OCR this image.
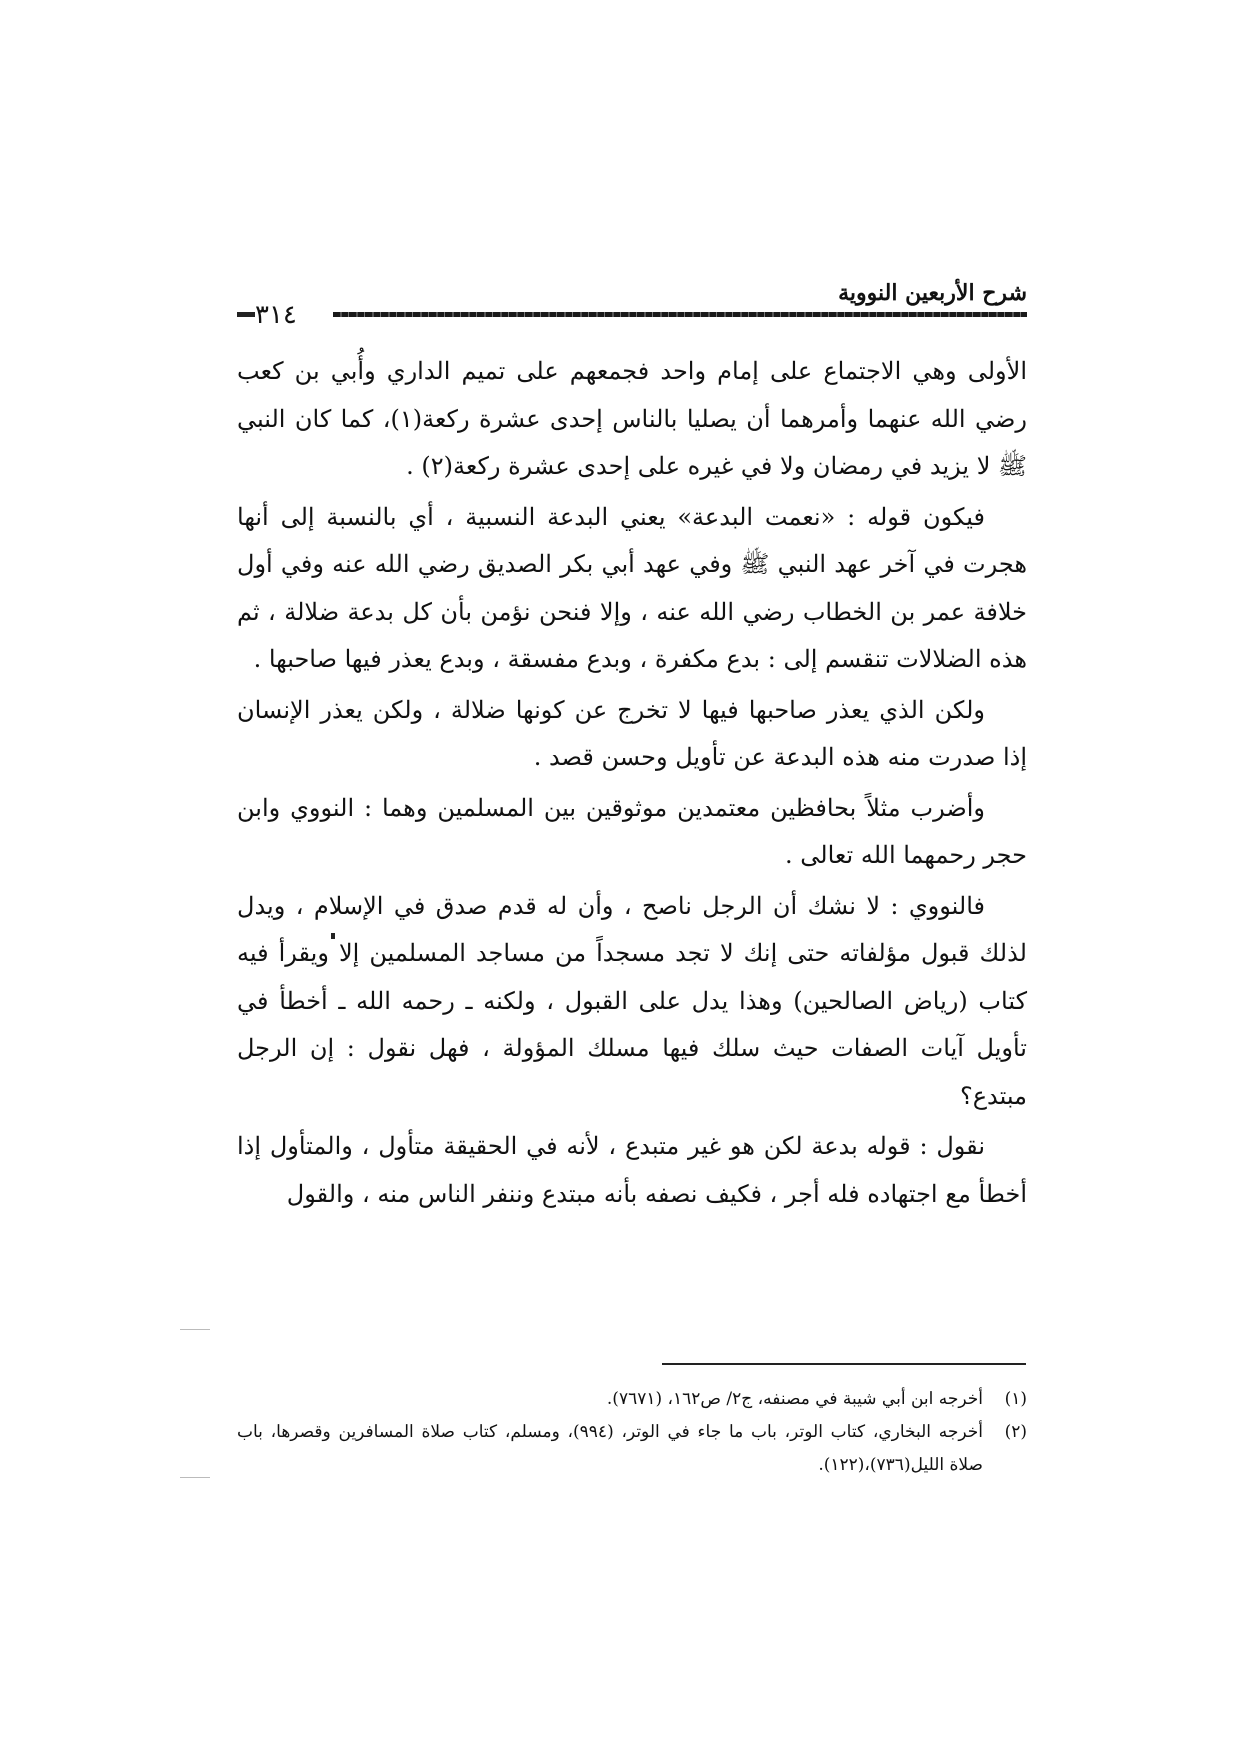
شرح الأربعين النووية
٣١٤

الأولى وهي الاجتماع على إمام واحد فجمعهم على تميم الداري وأُبي بن كعب رضي الله عنهما وأمرهما أن يصليا بالناس إحدى عشرة ركعة(١)، كما كان النبي ﷺ لا يزيد في رمضان ولا في غيره على إحدى عشرة ركعة(٢) .

فيكون قوله : «نعمت البدعة» يعني البدعة النسبية ، أي بالنسبة إلى أنها هجرت في آخر عهد النبي ﷺ وفي عهد أبي بكر الصديق رضي الله عنه وفي أول خلافة عمر بن الخطاب رضي الله عنه ، وإلا فنحن نؤمن بأن كل بدعة ضلالة ، ثم هذه الضلالات تنقسم إلى : بدع مكفرة ، وبدع مفسقة ، وبدع يعذر فيها صاحبها .

ولكن الذي يعذر صاحبها فيها لا تخرج عن كونها ضلالة ، ولكن يعذر الإنسان إذا صدرت منه هذه البدعة عن تأويل وحسن قصد .

وأضرب مثلاً بحافظين معتمدين موثوقين بين المسلمين وهما : النووي وابن حجر رحمهما الله تعالى .

فالنووي : لا نشك أن الرجل ناصح ، وأن له قدم صدق في الإسلام ، ويدل لذلك قبول مؤلفاته حتى إنك لا تجد مسجداً من مساجد المسلمين إلا ويقرأ فيه كتاب (رياض الصالحين) وهذا يدل على القبول ، ولكنه ـ رحمه الله ـ أخطأ في تأويل آيات الصفات حيث سلك فيها مسلك المؤولة ، فهل نقول : إن الرجل مبتدع؟

نقول : قوله بدعة لكن هو غير متبدع ، لأنه في الحقيقة متأول ، والمتأول إذا أخطأ مع اجتهاده فله أجر ، فكيف نصفه بأنه مبتدع وننفر الناس منه ، والقول

(١)
أخرجه ابن أبي شيبة في مصنفه، ج٢/ ص١٦٢، (٧٦٧١).
(٢)
أخرجه البخاري، كتاب الوتر، باب ما جاء في الوتر، (٩٩٤)، ومسلم، كتاب صلاة المسافرين وقصرها، باب صلاة الليل(٧٣٦)،(١٢٢).
